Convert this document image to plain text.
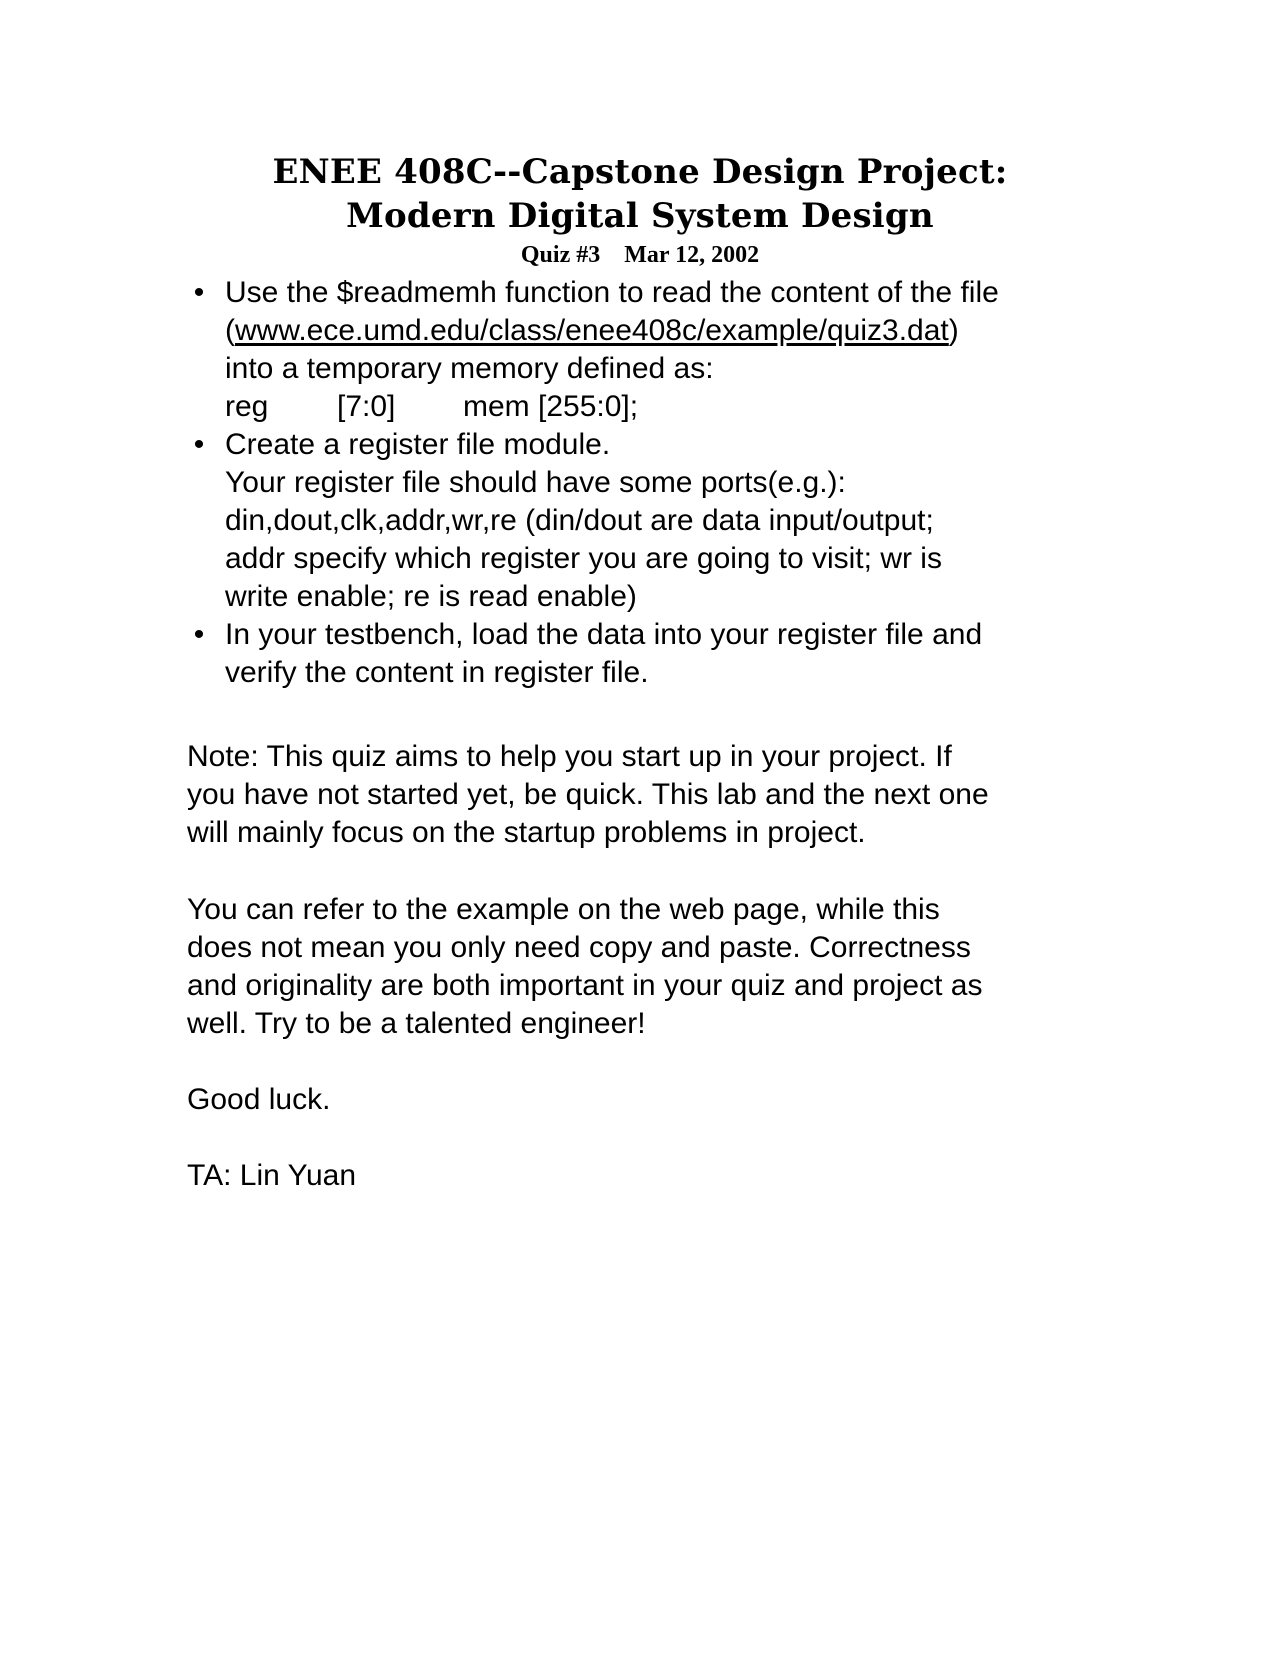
ENEE 408C--Capstone Design Project:
Modern Digital System Design
Quiz #3 Mar 12, 2002
• Use the $readmemh function to read the content of the file
(www.ece.umd.edu/class/enee408c/example/quiz3.dat)
into a temporary memory defined as:
reg [7:0] mem [255:0];
• Create a register file module.
Your register file should have some ports(e.g.):
din,dout,clk,addr,wr,re (din/dout are data input/output;
addr specify which register you are going to visit; wr is
write enable; re is read enable)
• In your testbench, load the data into your register file and
verify the content in register file.
Note: This quiz aims to help you start up in your project. If
you have not started yet, be quick. This lab and the next one
will mainly focus on the startup problems in project.
You can refer to the example on the web page, while this
does not mean you only need copy and paste. Correctness
and originality are both important in your quiz and project as
well. Try to be a talented engineer!
Good luck.
TA: Lin Yuan
